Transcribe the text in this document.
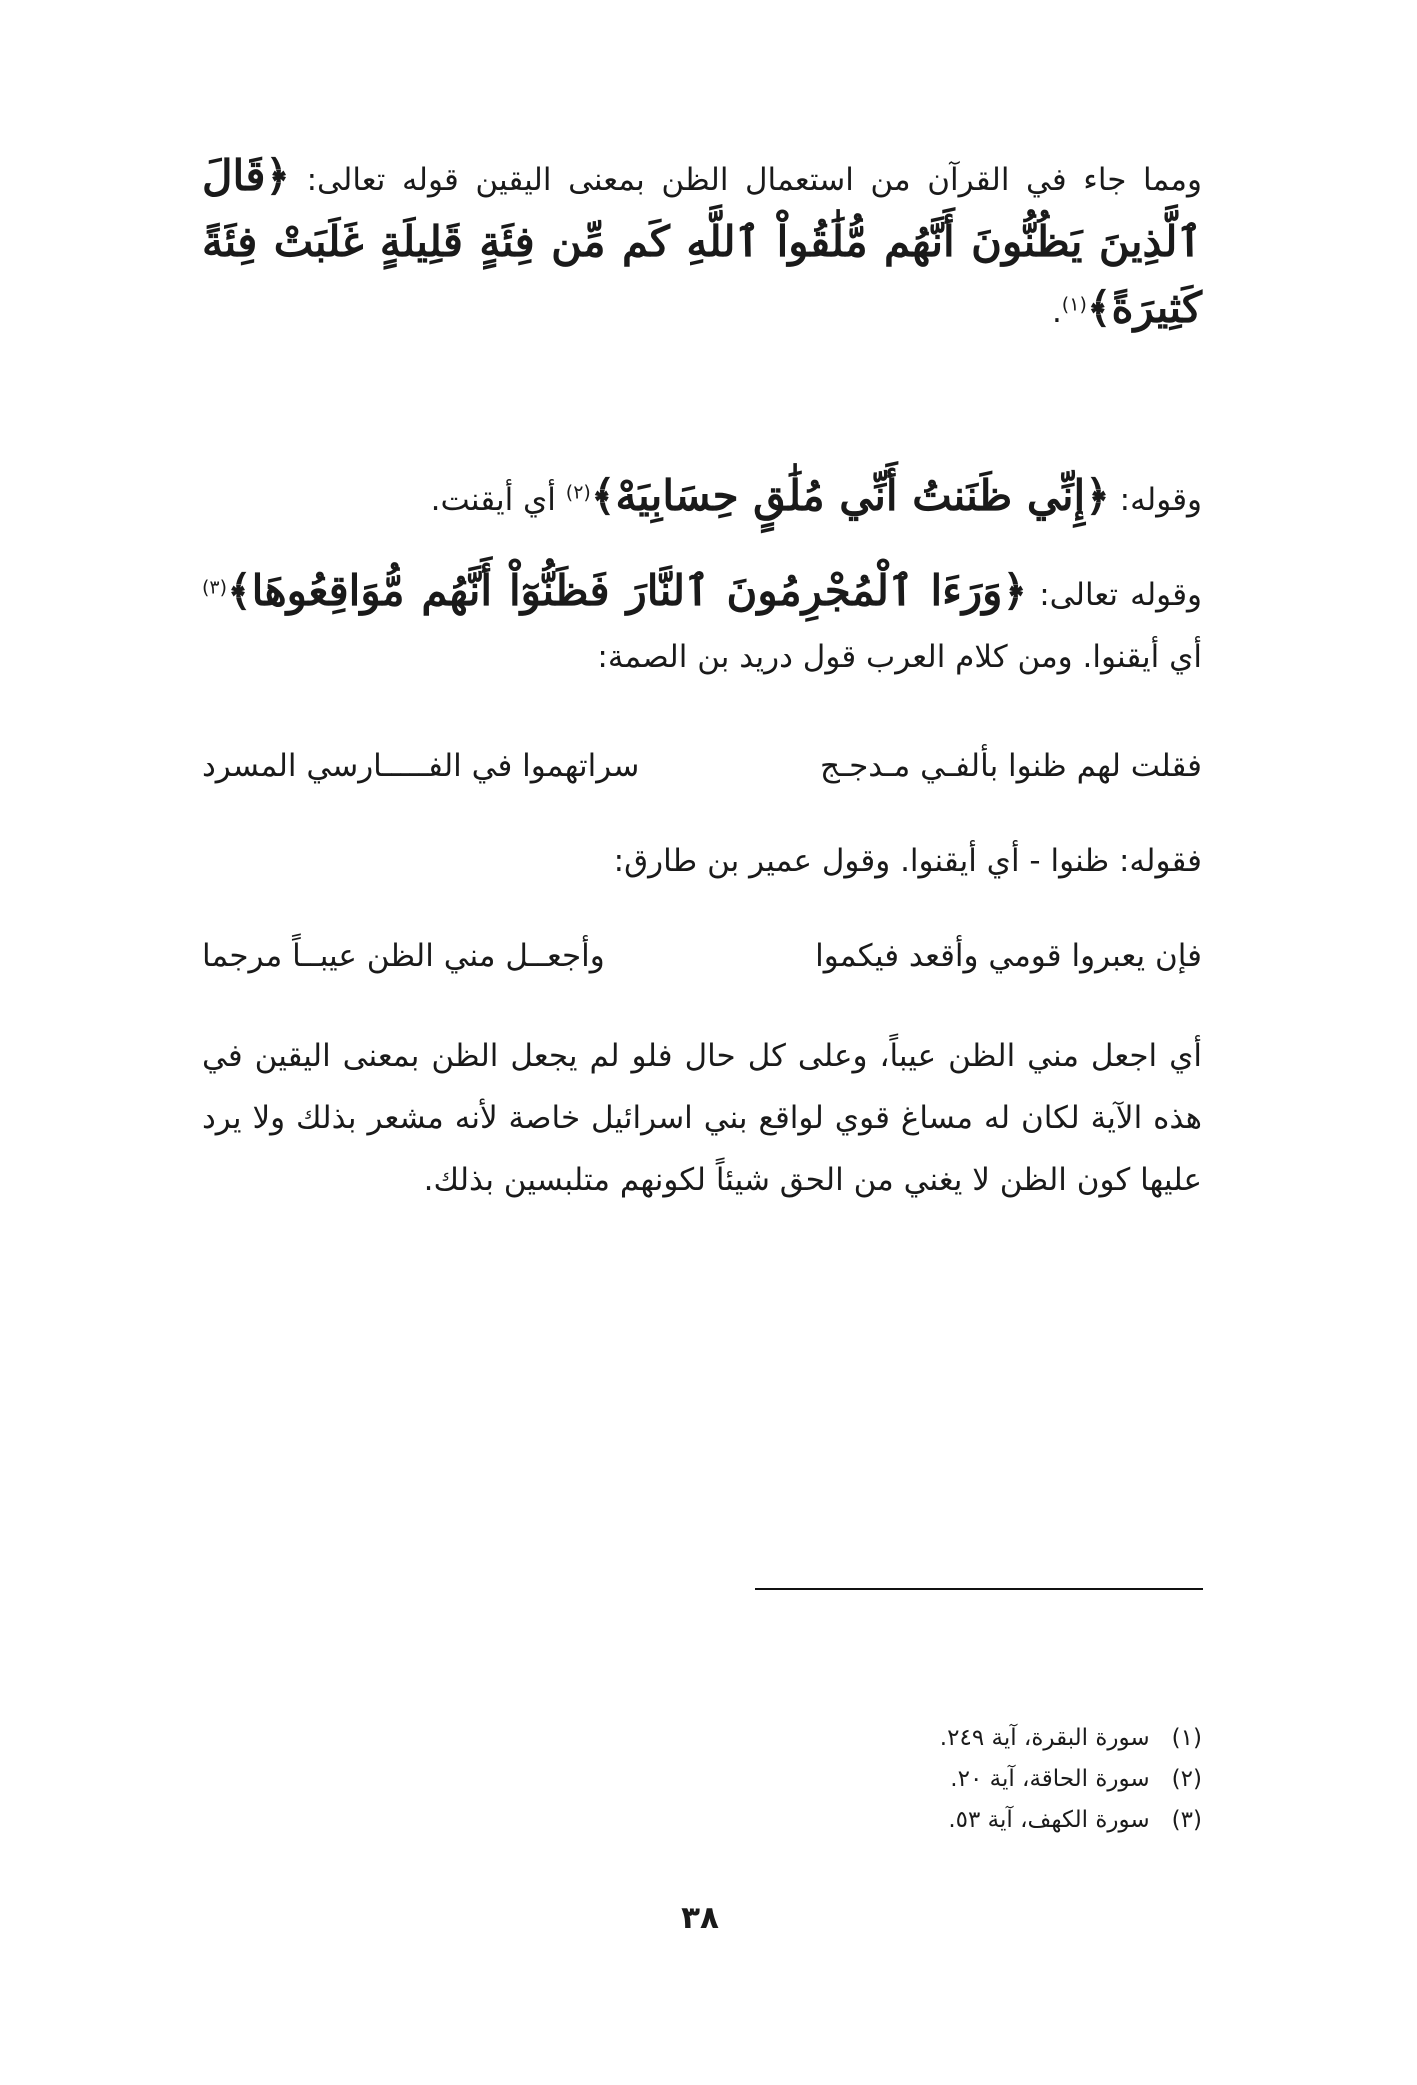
ومما جاء في القرآن من استعمال الظن بمعنى اليقين قوله تعالى: ﴿قَالَ ٱلَّذِينَ يَظُنُّونَ أَنَّهُم مُّلَٰقُواْ ٱللَّهِ كَم مِّن فِئَةٍ قَلِيلَةٍ غَلَبَتْ فِئَةً كَثِيرَةً﴾$^{(١)}$.
وقوله: ﴿إِنِّي ظَنَنتُ أَنِّي مُلَٰقٍ حِسَابِيَهْ﴾$^{(٢)}$ أي أيقنت.
وقوله تعالى: ﴿وَرَءَا ٱلْمُجْرِمُونَ ٱلنَّارَ فَظَنُّوٓاْ أَنَّهُم مُّوَاقِعُوهَا﴾$^{(٣)}$ أي أيقنوا. ومن كلام العرب قول دريد بن الصمة:
فقلت لهم ظنوا بألفـي مـدجـج
سراتهموا في الفـــــارسي المسرد
فقوله: ظنوا - أي أيقنوا. وقول عمير بن طارق:
فإن يعبروا قومي وأقعد فيكموا
وأجعــل مني الظن عيبــاً مرجما
أي اجعل مني الظن عيباً، وعلى كل حال فلو لم يجعل الظن بمعنى اليقين في هذه الآية لكان له مساغ قوي لواقع بني اسرائيل خاصة لأنه مشعر بذلك ولا يرد عليها كون الظن لا يغني من الحق شيئاً لكونهم متلبسين بذلك.
(١) سورة البقرة، آية ٢٤٩.
(٢) سورة الحاقة، آية ٢٠.
(٣) سورة الكهف، آية ٥٣.
٣٨
